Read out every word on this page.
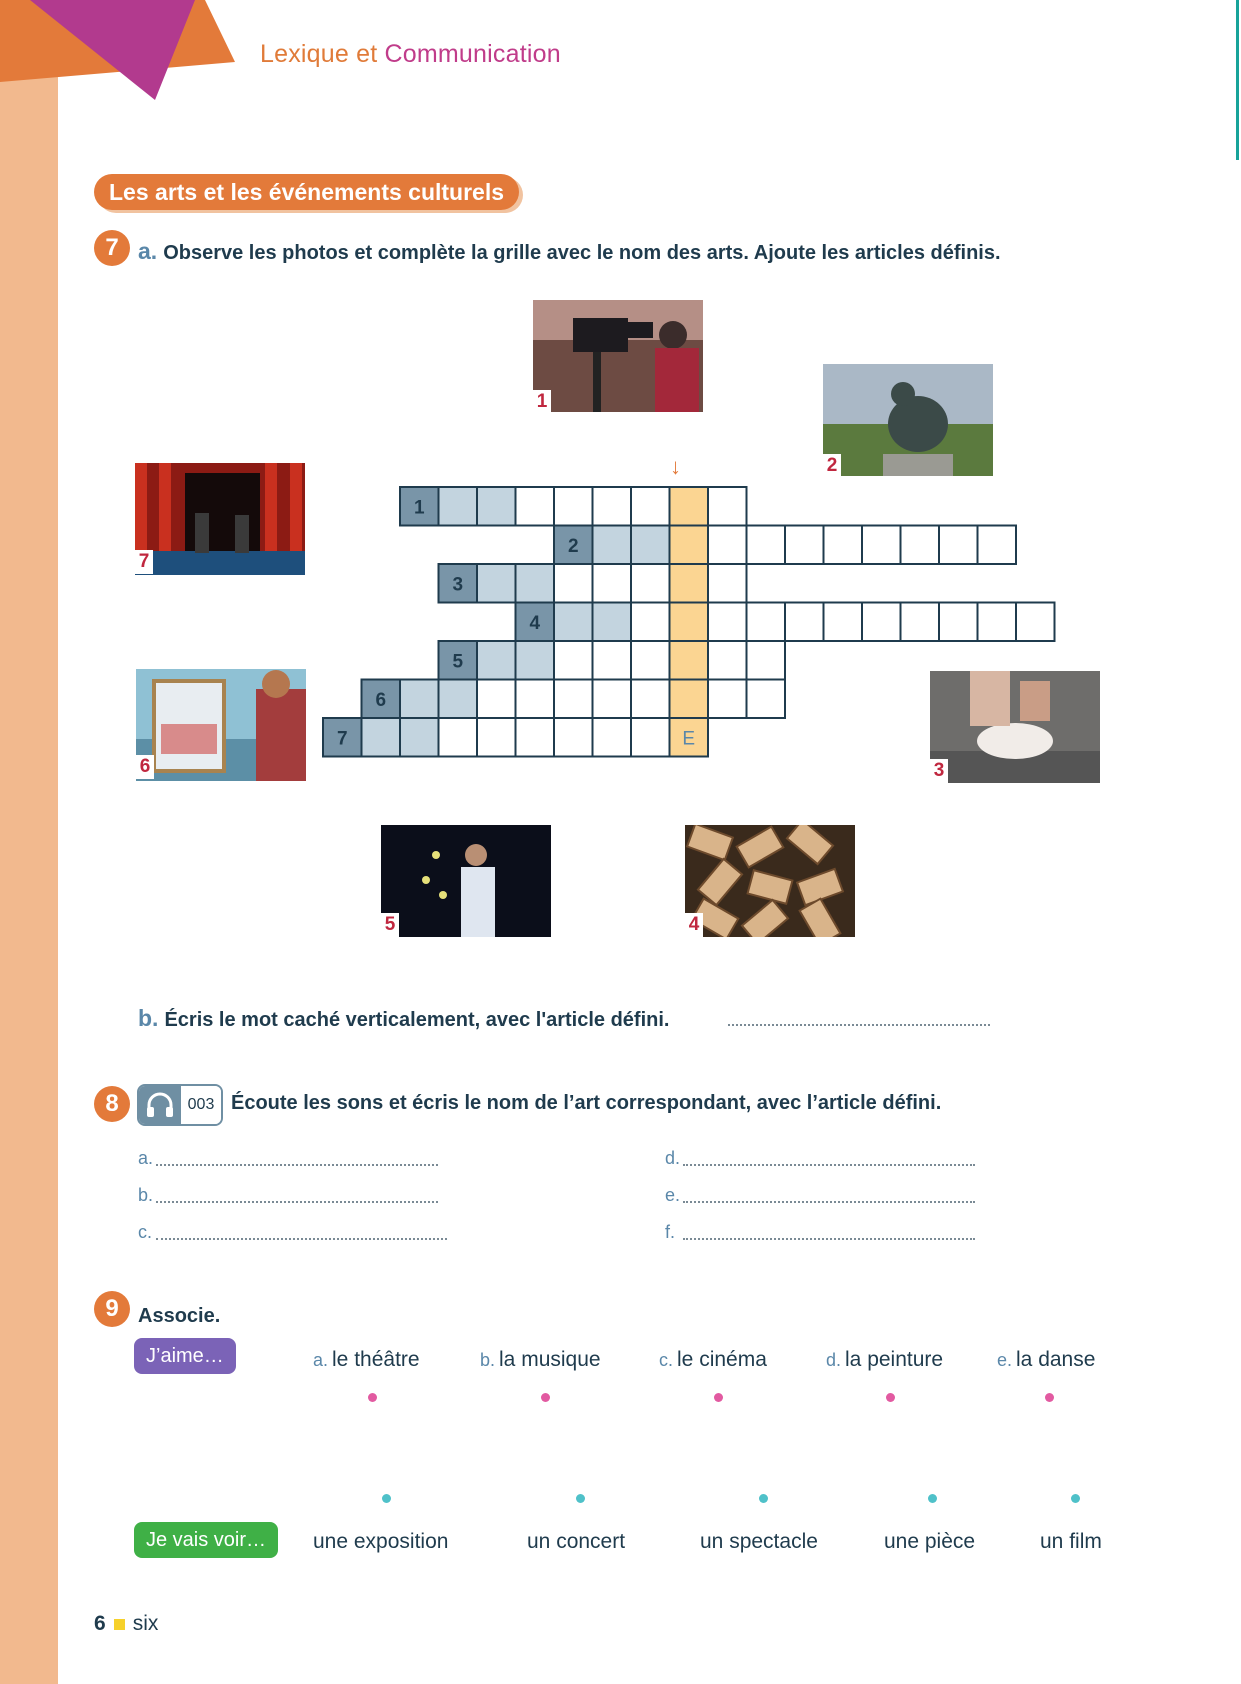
Lexique et Communication
Les arts et les événements culturels
7 a. Observe les photos et complète la grille avec le nom des arts. Ajoute les articles définis.
1
2
3
4
5
6
7	E
↓
1
2
3
4
5
6
7
b. Écris le mot caché verticalement, avec l'article défini.
8	003 Écoute les sons et écris le nom de l’art correspondant, avec l’article défini.
a.
b.
c.
d.
e.
f.
9 Associe.
J’aime…
Je vais voir…
a. le théâtre	b. la musique	c. le cinéma	d. la peinture	e. la danse
une exposition	un concert	un spectacle	une pièce	un film
6 six
